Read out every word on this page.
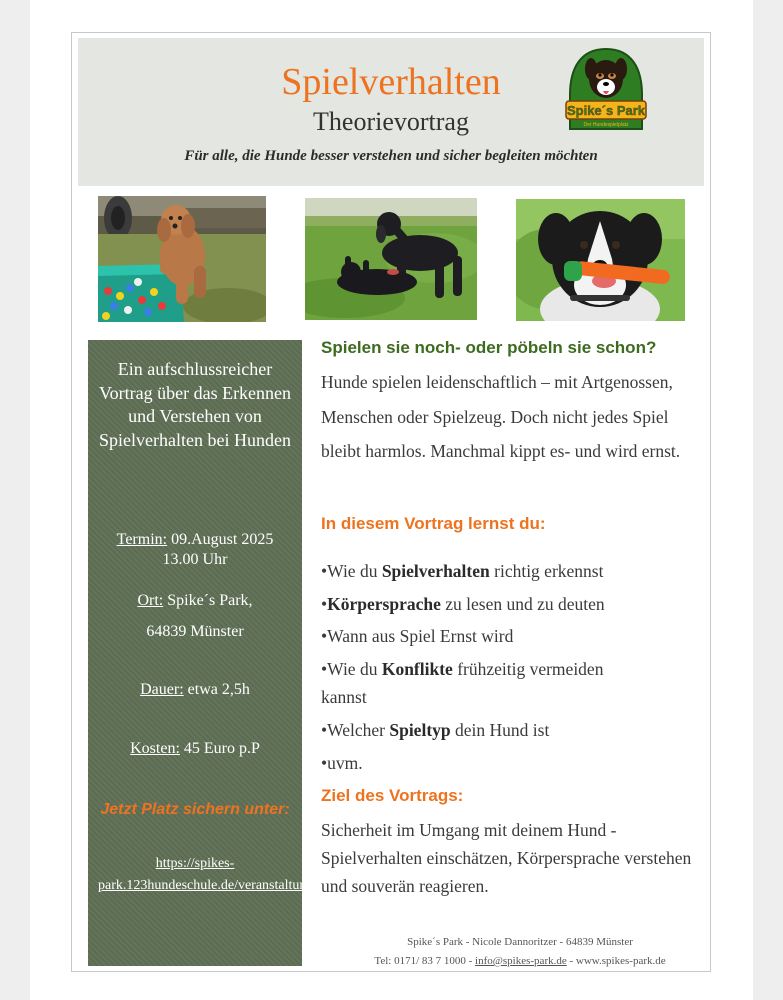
Spielverhalten
Theorievortrag
Für alle, die Hunde besser verstehen und sicher begleiten möchten
Spike´s Park
Der Hundespielplatz
Ein aufschlussreicher Vortrag über das Erkennen und Verstehen von Spielverhalten bei Hunden
Termin: 09.August 2025
13.00 Uhr
Ort: Spike´s Park,
64839 Münster
Dauer: etwa 2,5h
Kosten: 45 Euro p.P
Jetzt Platz sichern unter:
https://spikes-park.123hundeschule.de/veranstaltungen
Spielen sie noch- oder pöbeln sie schon?
Hunde spielen leidenschaftlich – mit Artgenossen, Menschen oder Spielzeug. Doch nicht jedes Spiel bleibt harmlos. Manchmal kippt es- und wird ernst.
In diesem Vortrag lernst du:
•Wie du Spielverhalten richtig erkennst
•Körpersprache zu lesen und zu deuten
•Wann aus Spiel Ernst wird
•Wie du Konflikte frühzeitig vermeiden
kannst
•Welcher Spieltyp dein Hund ist
•uvm.
Ziel des Vortrags:
Sicherheit im Umgang mit deinem Hund - Spielverhalten einschätzen, Körpersprache verstehen und souverän reagieren.
Spike´s Park - Nicole Dannoritzer - 64839 Münster
Tel: 0171/ 83 7 1000 - info@spikes-park.de - www.spikes-park.de
